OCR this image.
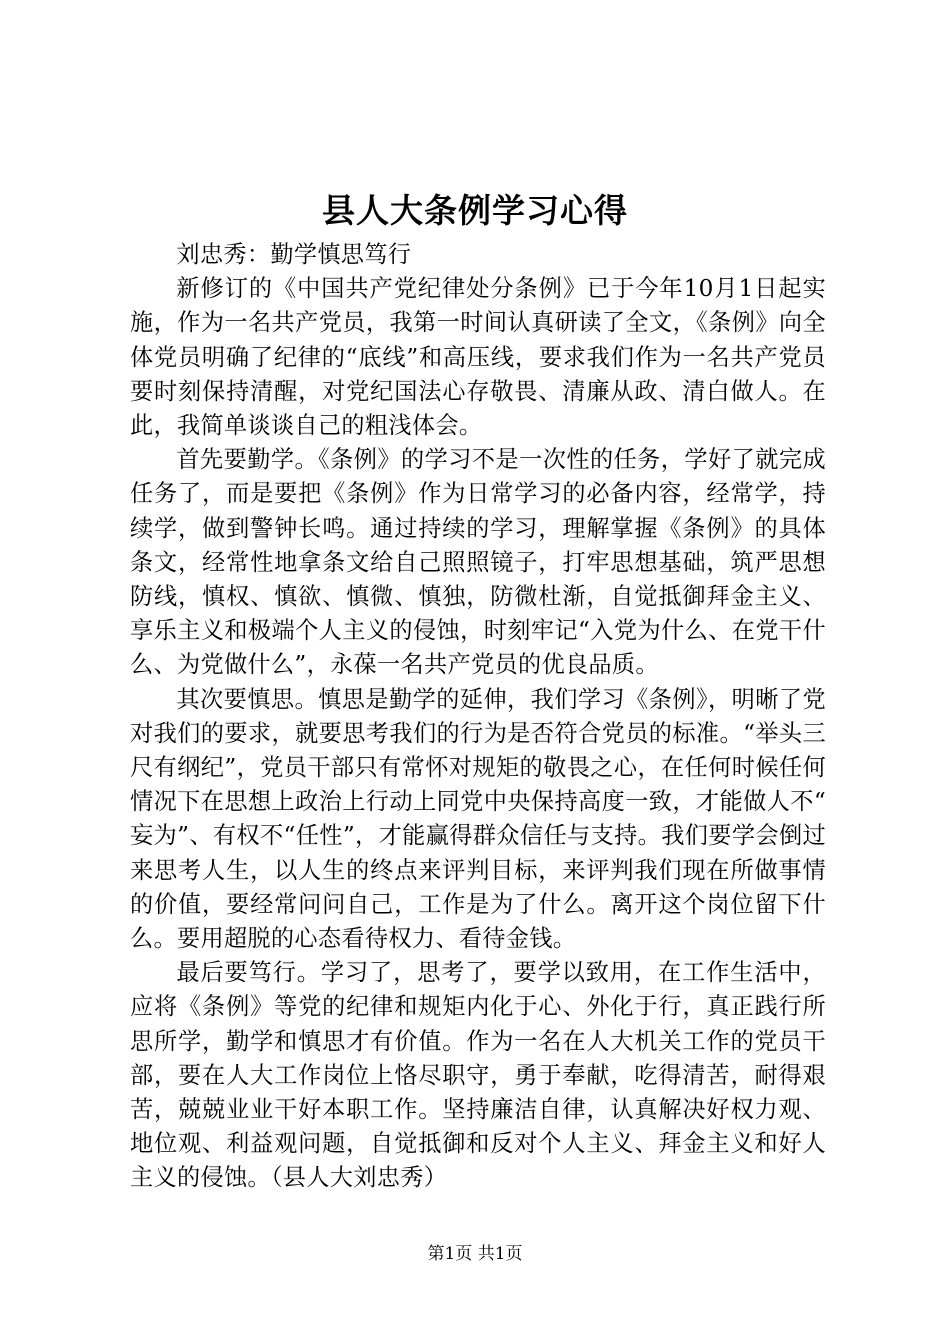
县人大条例学习心得

刘忠秀：勤学慎思笃行

新修订的《中国共产党纪律处分条例》已于今年10月1日起实施，作为一名共产党员，我第一时间认真研读了全文，《条例》向全体党员明确了纪律的“底线”和高压线，要求我们作为一名共产党员要时刻保持清醒，对党纪国法心存敬畏、清廉从政、清白做人。在此，我简单谈谈自己的粗浅体会。

首先要勤学。《条例》的学习不是一次性的任务，学好了就完成任务了，而是要把《条例》作为日常学习的必备内容，经常学，持续学，做到警钟长鸣。通过持续的学习，理解掌握《条例》的具体条文，经常性地拿条文给自己照照镜子，打牢思想基础，筑严思想防线，慎权、慎欲、慎微、慎独，防微杜渐，自觉抵御拜金主义、享乐主义和极端个人主义的侵蚀，时刻牢记“入党为什么、在党干什么、为党做什么”，永葆一名共产党员的优良品质。

其次要慎思。慎思是勤学的延伸，我们学习《条例》，明晰了党对我们的要求，就要思考我们的行为是否符合党员的标准。“举头三尺有纲纪”，党员干部只有常怀对规矩的敬畏之心，在任何时候任何情况下在思想上政治上行动上同党中央保持高度一致，才能做人不“妄为”、有权不“任性”，才能赢得群众信任与支持。我们要学会倒过来思考人生，以人生的终点来评判目标，来评判我们现在所做事情的价值，要经常问问自己，工作是为了什么。离开这个岗位留下什么。要用超脱的心态看待权力、看待金钱。

最后要笃行。学习了，思考了，要学以致用，在工作生活中，应将《条例》等党的纪律和规矩内化于心、外化于行，真正践行所思所学，勤学和慎思才有价值。作为一名在人大机关工作的党员干部，要在人大工作岗位上恪尽职守，勇于奉献，吃得清苦，耐得艰苦，兢兢业业干好本职工作。坚持廉洁自律，认真解决好权力观、地位观、利益观问题，自觉抵御和反对个人主义、拜金主义和好人主义的侵蚀。（县人大刘忠秀）

第1页 共1页
